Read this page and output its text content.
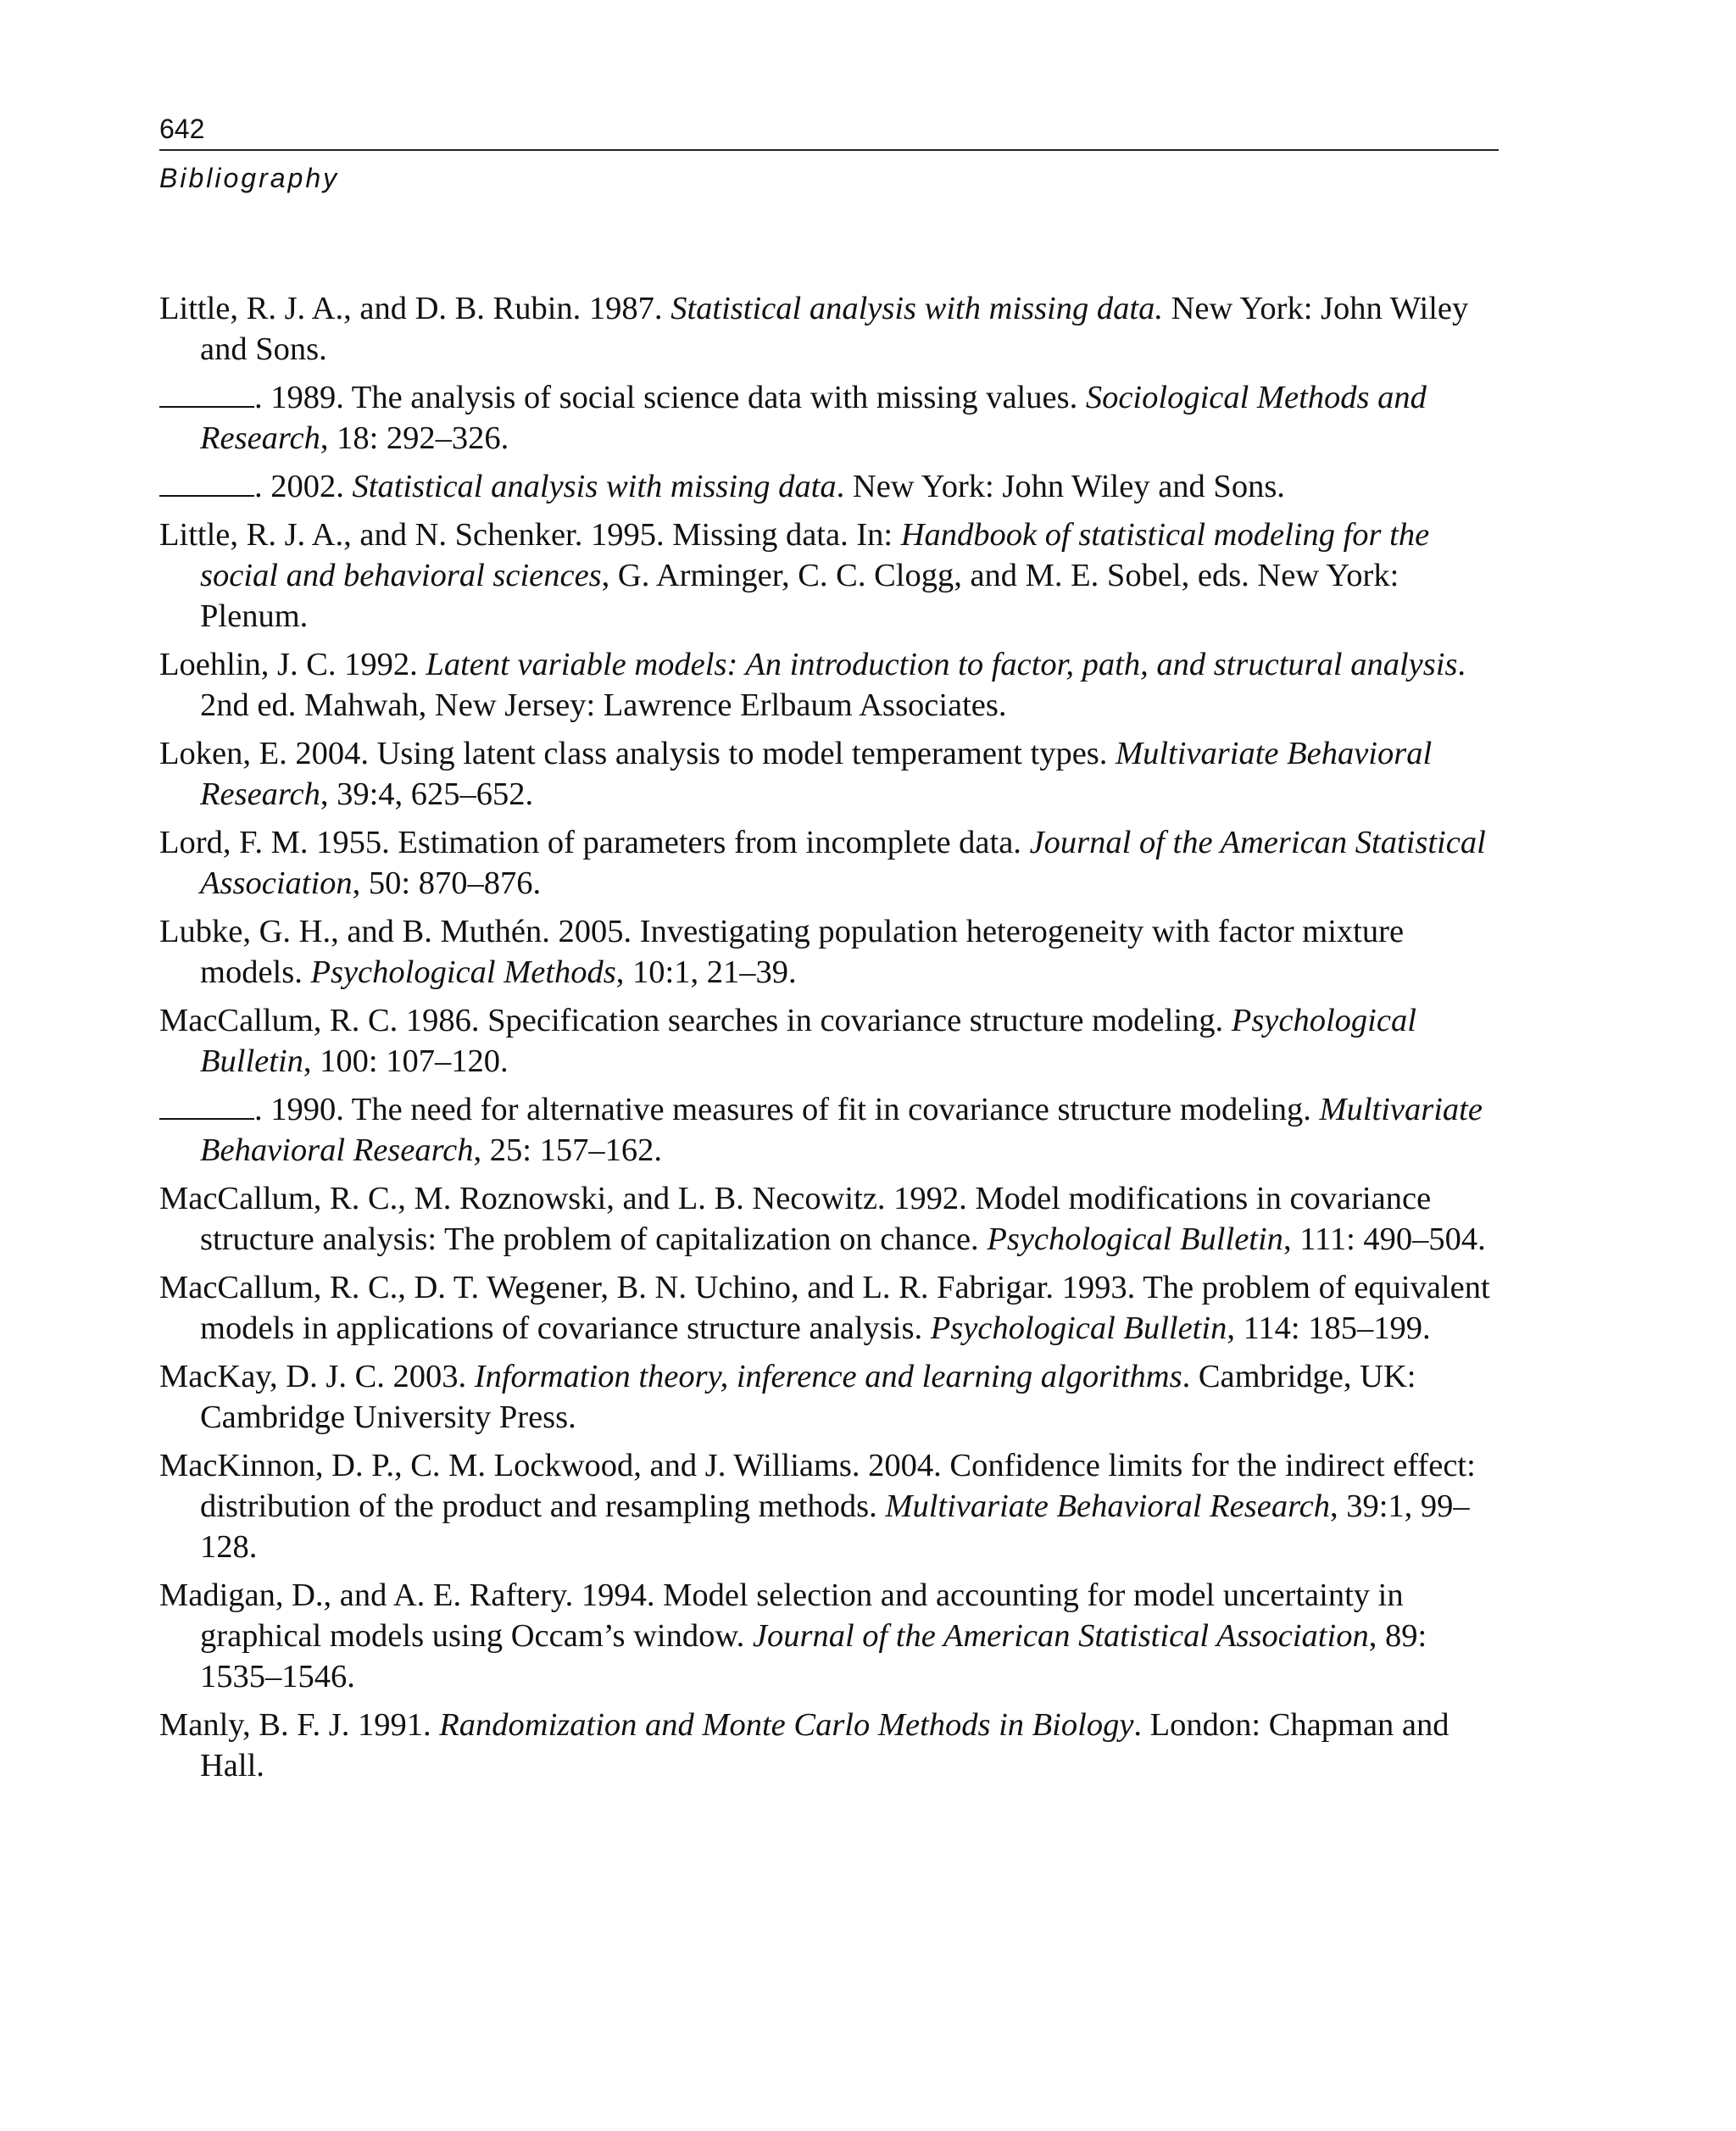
642
Bibliography
Little, R. J. A., and D. B. Rubin. 1987. Statistical analysis with missing data. New York: John Wiley and Sons.
. 1989. The analysis of social science data with missing values. Sociological Methods and Research, 18: 292–326.
. 2002. Statistical analysis with missing data. New York: John Wiley and Sons.
Little, R. J. A., and N. Schenker. 1995. Missing data. In: Handbook of statistical modeling for the social and behavioral sciences, G. Arminger, C. C. Clogg, and M. E. Sobel, eds. New York: Plenum.
Loehlin, J. C. 1992. Latent variable models: An introduction to factor, path, and structural analysis. 2nd ed. Mahwah, New Jersey: Lawrence Erlbaum Associates.
Loken, E. 2004. Using latent class analysis to model temperament types. Multivariate Behavioral Research, 39:4, 625–652.
Lord, F. M. 1955. Estimation of parameters from incomplete data. Journal of the American Statistical Association, 50: 870–876.
Lubke, G. H., and B. Muthén. 2005. Investigating population heterogeneity with factor mixture models. Psychological Methods, 10:1, 21–39.
MacCallum, R. C. 1986. Specification searches in covariance structure modeling. Psychological Bulletin, 100: 107–120.
. 1990. The need for alternative measures of fit in covariance structure modeling. Multivariate Behavioral Research, 25: 157–162.
MacCallum, R. C., M. Roznowski, and L. B. Necowitz. 1992. Model modifications in covariance structure analysis: The problem of capitalization on chance. Psychological Bulletin, 111: 490–504.
MacCallum, R. C., D. T. Wegener, B. N. Uchino, and L. R. Fabrigar. 1993. The problem of equivalent models in applications of covariance structure analysis. Psychological Bulletin, 114: 185–199.
MacKay, D. J. C. 2003. Information theory, inference and learning algorithms. Cambridge, UK: Cambridge University Press.
MacKinnon, D. P., C. M. Lockwood, and J. Williams. 2004. Confidence limits for the indirect effect: distribution of the product and resampling methods. Multivariate Behavioral Research, 39:1, 99–128.
Madigan, D., and A. E. Raftery. 1994. Model selection and accounting for model uncertainty in graphical models using Occam’s window. Journal of the American Statistical Association, 89: 1535–1546.
Manly, B. F. J. 1991. Randomization and Monte Carlo Methods in Biology. London: Chapman and Hall.
